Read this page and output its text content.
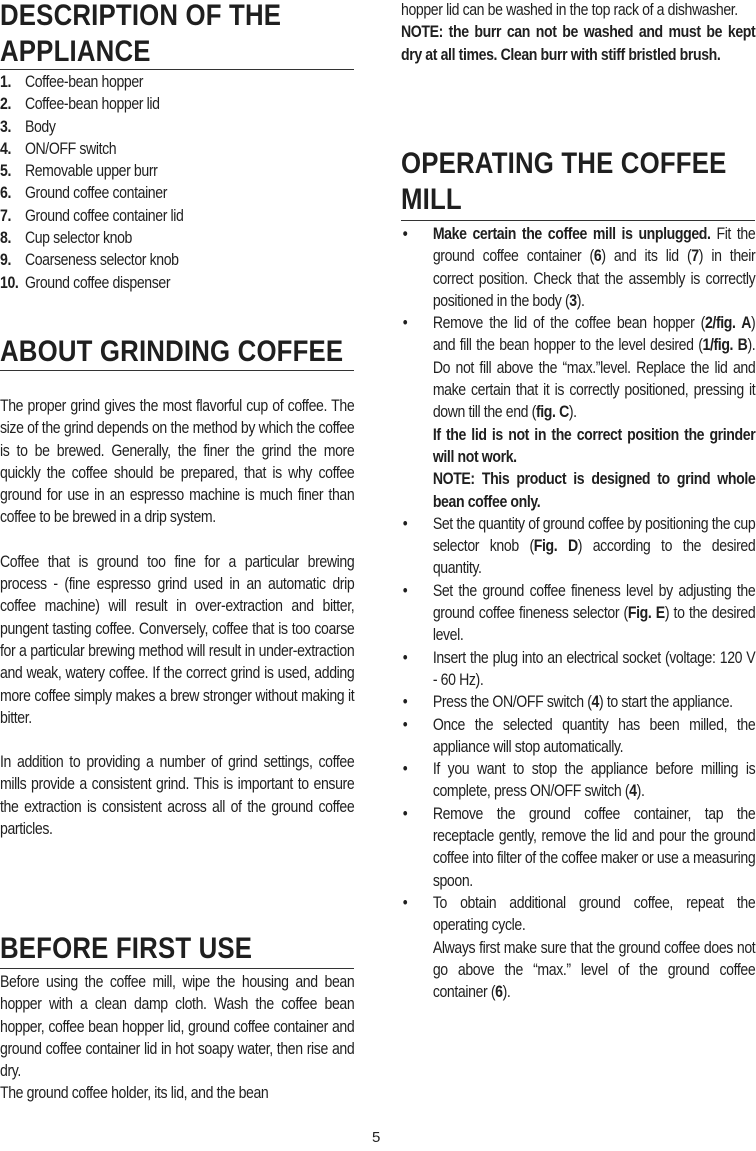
DESCRIPTION OF THE APPLIANCE
1. Coffee-bean hopper
2. Coffee-bean hopper lid
3. Body
4. ON/OFF switch
5. Removable upper burr
6. Ground coffee container
7. Ground coffee container lid
8. Cup selector knob
9. Coarseness selector knob
10. Ground coffee dispenser
ABOUT GRINDING COFFEE

The proper grind gives the most flavorful cup of coffee. The size of the grind depends on the method by which the coffee is to be brewed. Generally, the finer the grind the more quickly the coffee should be prepared, that is why coffee ground for use in an espresso machine is much finer than coffee to be brewed in a drip system.

Coffee that is ground too fine for a particular brewing process - (fine espresso grind used in an automatic drip coffee machine) will result in over-extraction and bitter, pungent tasting coffee. Conversely, coffee that is too coarse for a particular brewing method will result in under-extraction and weak, watery coffee. If the correct grind is used, adding more coffee simply makes a brew stronger without making it bitter.

In addition to providing a number of grind settings, coffee mills provide a consistent grind. This is important to ensure the extraction is consistent across all of the ground coffee particles.

BEFORE FIRST USE

Before using the coffee mill, wipe the housing and bean hopper with a clean damp cloth. Wash the coffee bean hopper, coffee bean hopper lid, ground coffee container and ground coffee container lid in hot soapy water, then rise and dry.

The ground coffee holder, its lid, and the bean

hopper lid can be washed in the top rack of a dishwasher.

NOTE: the burr can not be washed and must be kept dry at all times. Clean burr with stiff bristled brush.

OPERATING THE COFFEE MILL
•	Make certain the coffee mill is unplugged. Fit the ground coffee container (6) and its lid (7) in their correct position. Check that the assembly is correctly positioned in the body (3).
•	Remove the lid of the coffee bean hopper (2/fig. A) and fill the bean hopper to the level desired (1/fig. B). Do not fill above the “max.”level. Replace the lid and make certain that it is correctly positioned, pressing it down till the end (fig. C).
If the lid is not in the correct position the grinder will not work.
NOTE: This product is designed to grind whole bean coffee only.
•	Set the quantity of ground coffee by positioning the cup selector knob (Fig. D) according to the desired quantity.
•	Set the ground coffee fineness level by adjusting the ground coffee fineness selector (Fig. E) to the desired level.
•	Insert the plug into an electrical socket (voltage: 120 V - 60 Hz).
•	Press the ON/OFF switch (4) to start the appliance.
•	Once the selected quantity has been milled, the appliance will stop automatically.
•	If you want to stop the appliance before milling is complete, press ON/OFF switch (4).
•	Remove the ground coffee container, tap the receptacle gently, remove the lid and pour the ground coffee into filter of the coffee maker or use a measuring spoon.
•	To obtain additional ground coffee, repeat the operating cycle.
Always first make sure that the ground coffee does not go above the “max.” level of the ground coffee container (6).
5
